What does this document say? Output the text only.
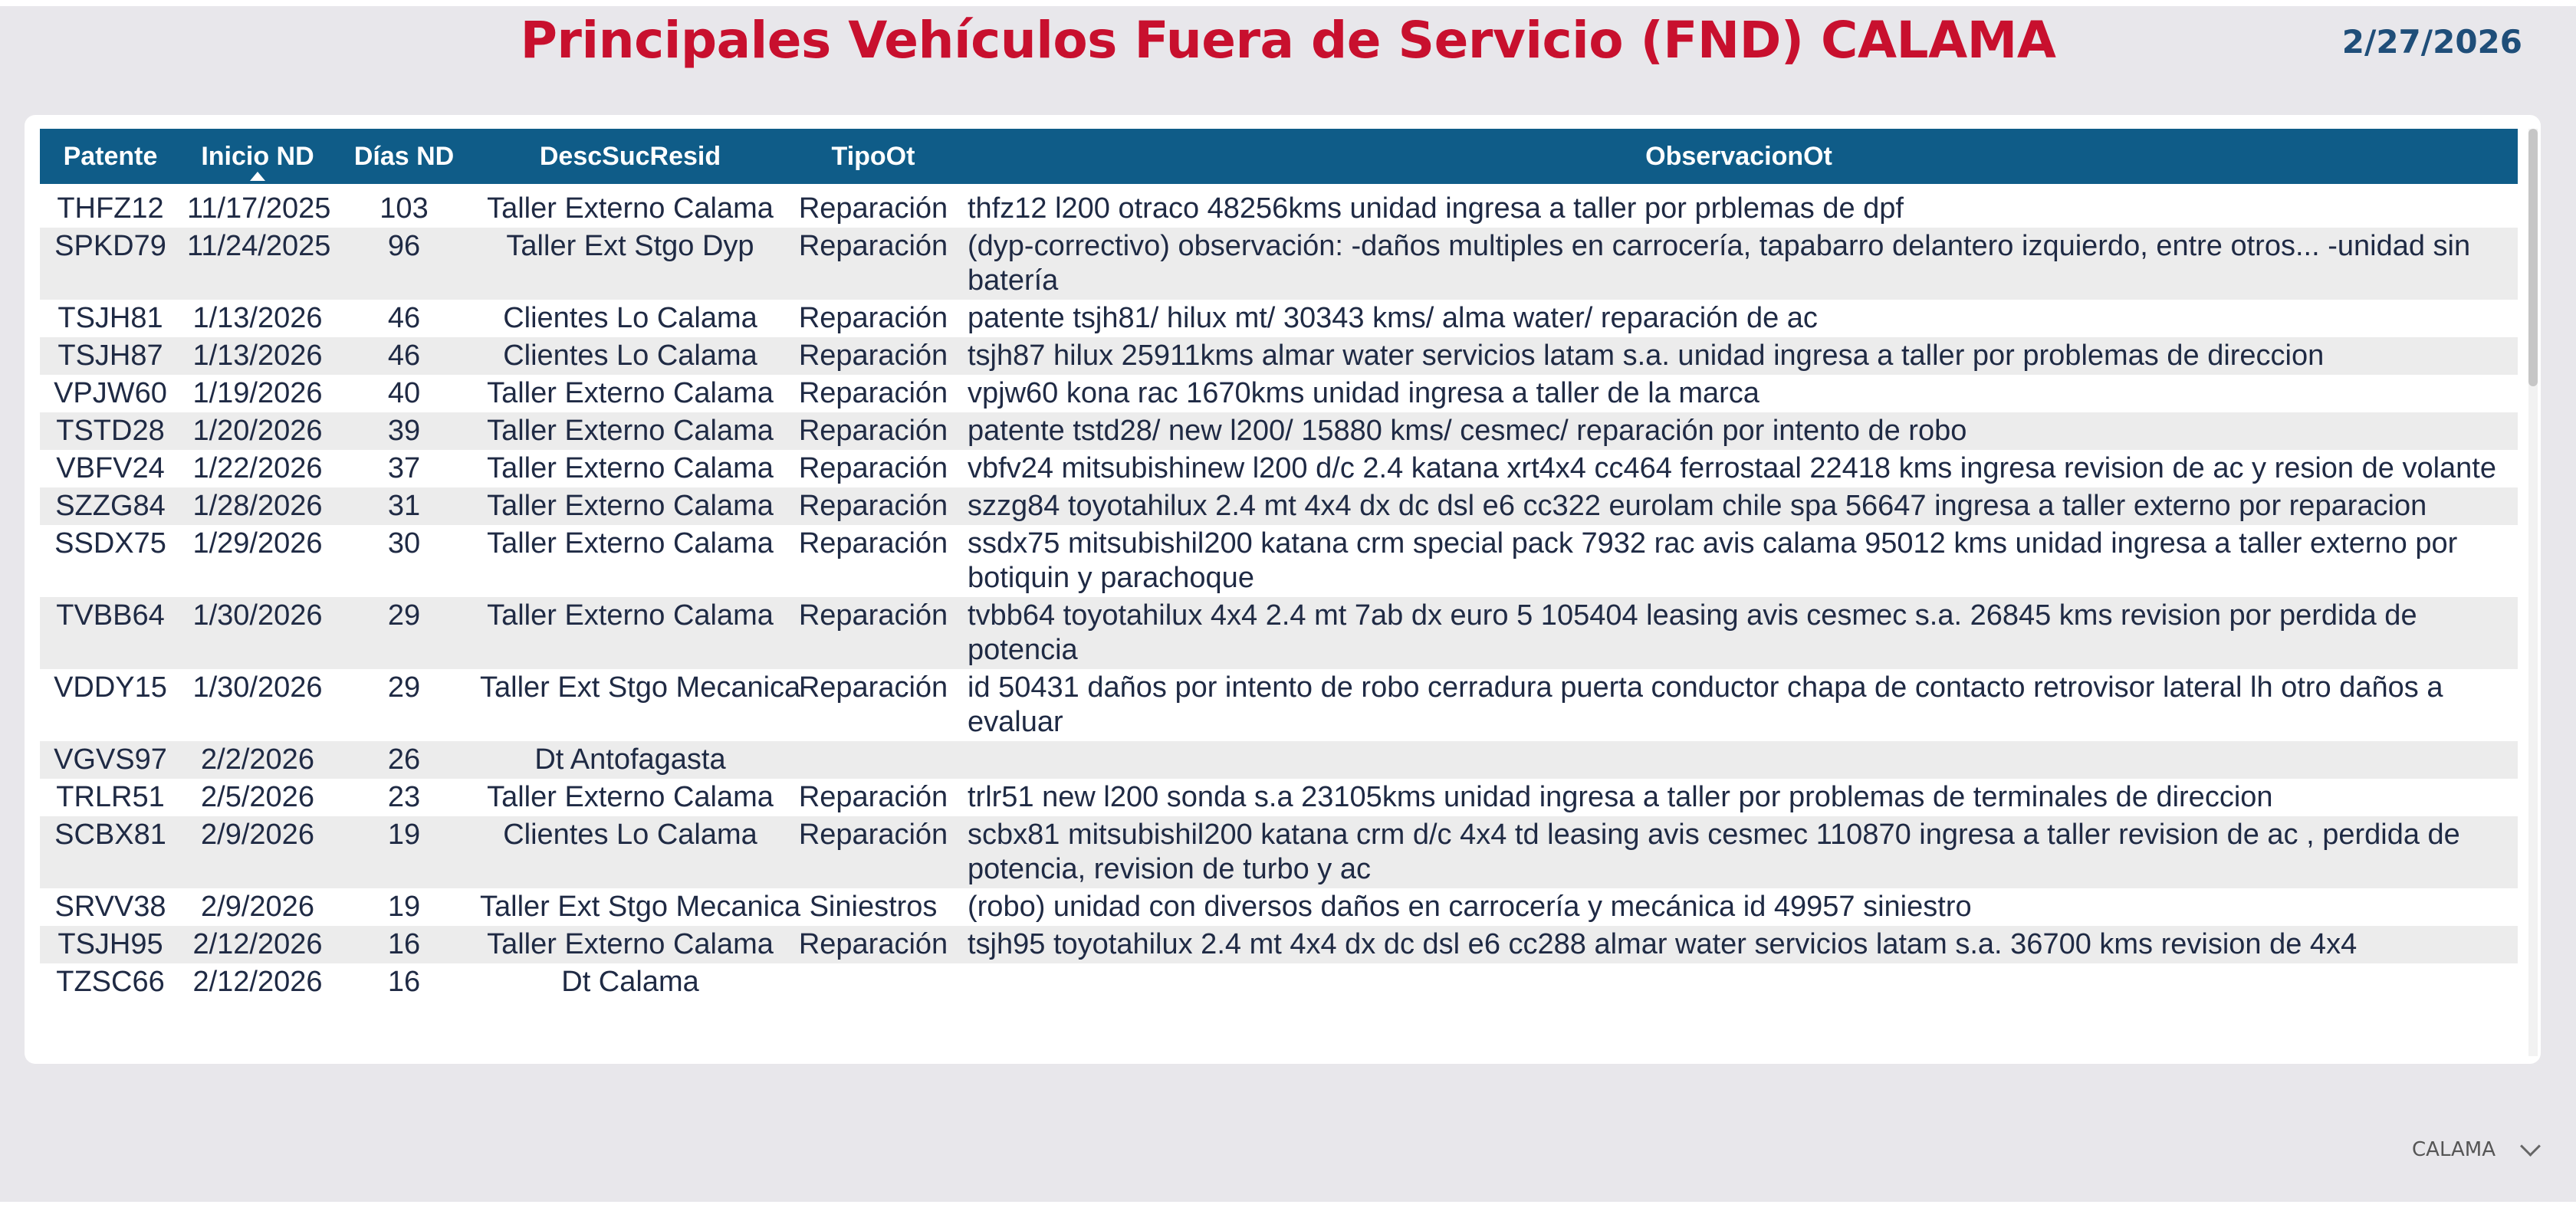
Principales Vehículos Fuera de Servicio (FND) CALAMA	2/27/2026
Patente	Inicio ND	Días ND	DescSucResid	TipoOt	ObservacionOt

THFZ12	11/17/2025	103	Taller Externo Calama	Reparación	thfz12 l200 otraco 48256kms unidad ingresa a taller por prblemas de dpf
SPKD79	11/24/2025	96	Taller Ext Stgo Dyp	Reparación	(dyp-correctivo) observación: -daños multiples en carrocería, tapabarro delantero izquierdo, entre otros... -unidad sin batería
TSJH81	1/13/2026	46	Clientes Lo Calama	Reparación	patente tsjh81/ hilux mt/ 30343 kms/ alma water/ reparación de ac
TSJH87	1/13/2026	46	Clientes Lo Calama	Reparación	tsjh87 hilux 25911kms almar water servicios latam s.a. unidad ingresa a taller por problemas de direccion
VPJW60	1/19/2026	40	Taller Externo Calama	Reparación	vpjw60 kona rac 1670kms unidad ingresa a taller de la marca
TSTD28	1/20/2026	39	Taller Externo Calama	Reparación	patente tstd28/ new l200/ 15880 kms/ cesmec/ reparación por intento de robo
VBFV24	1/22/2026	37	Taller Externo Calama	Reparación	vbfv24 mitsubishinew l200 d/c 2.4 katana xrt4x4 cc464 ferrostaal 22418 kms ingresa revision de ac y resion de volante
SZZG84	1/28/2026	31	Taller Externo Calama	Reparación	szzg84 toyotahilux 2.4 mt 4x4 dx dc dsl e6 cc322 eurolam chile spa 56647 ingresa a taller externo por reparacion
SSDX75	1/29/2026	30	Taller Externo Calama	Reparación	ssdx75 mitsubishil200 katana crm special pack 7932 rac avis calama 95012 kms unidad ingresa a taller externo por botiquin y parachoque
TVBB64	1/30/2026	29	Taller Externo Calama	Reparación	tvbb64 toyotahilux 4x4 2.4 mt 7ab dx euro 5 105404 leasing avis cesmec s.a. 26845 kms revision por perdida de potencia
VDDY15	1/30/2026	29	Taller Ext Stgo Mecanica	Reparación	id 50431 daños por intento de robo cerradura puerta conductor chapa de contacto retrovisor lateral lh otro daños a evaluar
VGVS97	2/2/2026	26	Dt Antofagasta		
TRLR51	2/5/2026	23	Taller Externo Calama	Reparación	trlr51 new l200 sonda s.a 23105kms unidad ingresa a taller por problemas de terminales de direccion
SCBX81	2/9/2026	19	Clientes Lo Calama	Reparación	scbx81 mitsubishil200 katana crm d/c 4x4 td leasing avis cesmec 110870 ingresa a taller revision de ac , perdida de potencia, revision de turbo y ac
SRVV38	2/9/2026	19	Taller Ext Stgo Mecanica	Siniestros	(robo) unidad con diversos daños en carrocería y mecánica id 49957 siniestro
TSJH95	2/12/2026	16	Taller Externo Calama	Reparación	tsjh95 toyotahilux 2.4 mt 4x4 dx dc dsl e6 cc288 almar water servicios latam s.a. 36700 kms revision de 4x4
TZSC66	2/12/2026	16	Dt Calama		
CALAMA
